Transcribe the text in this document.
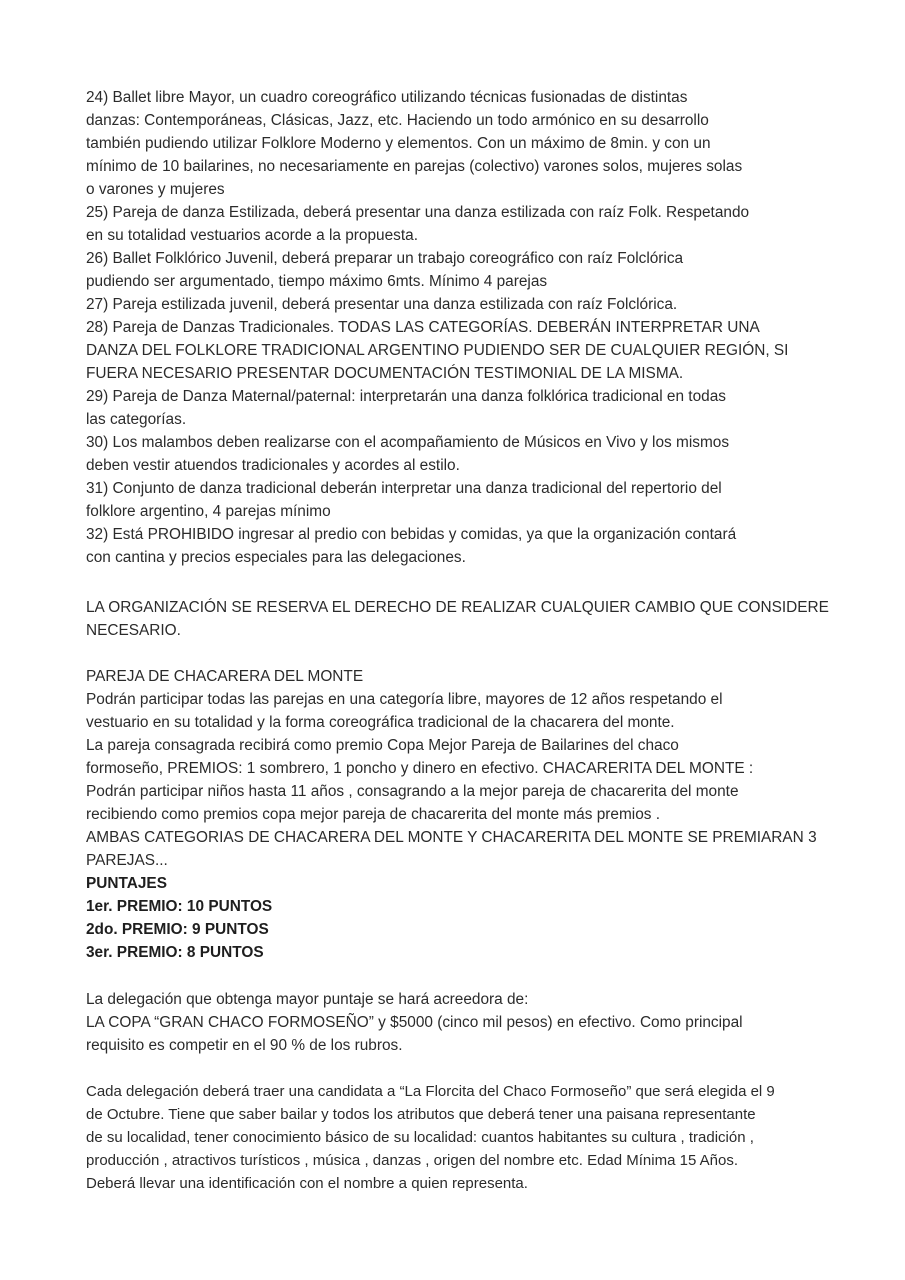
24) Ballet libre Mayor, un cuadro coreográfico utilizando técnicas fusionadas de distintas
danzas: Contemporáneas, Clásicas, Jazz, etc. Haciendo un todo armónico en su desarrollo
también pudiendo utilizar Folklore Moderno y elementos. Con un máximo de 8min. y con un
mínimo de 10 bailarines, no necesariamente en parejas (colectivo) varones solos, mujeres solas
o varones y mujeres
25) Pareja de danza Estilizada, deberá presentar una danza estilizada con raíz Folk. Respetando
en su totalidad vestuarios acorde a la propuesta.
26) Ballet Folklórico Juvenil, deberá preparar un trabajo coreográfico con raíz Folclórica
pudiendo ser argumentado, tiempo máximo 6mts. Mínimo 4 parejas
27) Pareja estilizada juvenil, deberá presentar una danza estilizada con raíz Folclórica.
28) Pareja de Danzas Tradicionales. TODAS LAS CATEGORÍAS. DEBERÁN INTERPRETAR UNA
DANZA DEL FOLKLORE TRADICIONAL ARGENTINO PUDIENDO SER DE CUALQUIER REGIÓN, SI
FUERA NECESARIO PRESENTAR DOCUMENTACIÓN TESTIMONIAL DE LA MISMA.
29) Pareja de Danza Maternal/paternal: interpretarán una danza folklórica tradicional en todas
las categorías.
30) Los malambos deben realizarse con el acompañamiento de Músicos en Vivo y los mismos
deben vestir atuendos tradicionales y acordes al estilo.
31) Conjunto de danza tradicional deberán interpretar una danza tradicional del repertorio del
folklore argentino, 4 parejas mínimo
32) Está PROHIBIDO ingresar al predio con bebidas y comidas, ya que la organización contará
con cantina y precios especiales para las delegaciones.
LA ORGANIZACIÓN SE RESERVA EL DERECHO DE REALIZAR CUALQUIER CAMBIO QUE CONSIDERE
NECESARIO.
PAREJA DE CHACARERA DEL MONTE
Podrán participar todas las parejas en una categoría libre, mayores de 12 años respetando el
vestuario en su totalidad y la forma coreográfica tradicional de la chacarera del monte.
La pareja consagrada recibirá como premio Copa Mejor Pareja de Bailarines del chaco
formoseño, PREMIOS: 1 sombrero, 1 poncho y dinero en efectivo. CHACARERITA DEL MONTE :
Podrán participar niños hasta 11 años , consagrando a la mejor pareja de chacarerita del monte
recibiendo como premios copa mejor pareja de chacarerita del monte más premios .
AMBAS CATEGORIAS DE CHACARERA DEL MONTE Y CHACARERITA DEL MONTE SE PREMIARAN 3
PAREJAS...
PUNTAJES
1er. PREMIO: 10 PUNTOS
2do. PREMIO: 9 PUNTOS
3er. PREMIO: 8 PUNTOS
La delegación que obtenga mayor puntaje se hará acreedora de:
LA COPA “GRAN CHACO FORMOSEÑO” y $5000 (cinco mil pesos) en efectivo. Como principal
requisito es competir en el 90 % de los rubros.
Cada delegación deberá traer una candidata a “La Florcita del Chaco Formoseño” que será elegida el 9
de Octubre. Tiene que saber bailar y todos los atributos que deberá tener una paisana representante
de su localidad, tener conocimiento básico de su localidad: cuantos habitantes su cultura , tradición ,
producción , atractivos turísticos , música , danzas , origen del nombre etc. Edad Mínima 15 Años.
Deberá llevar una identificación con el nombre a quien representa.
